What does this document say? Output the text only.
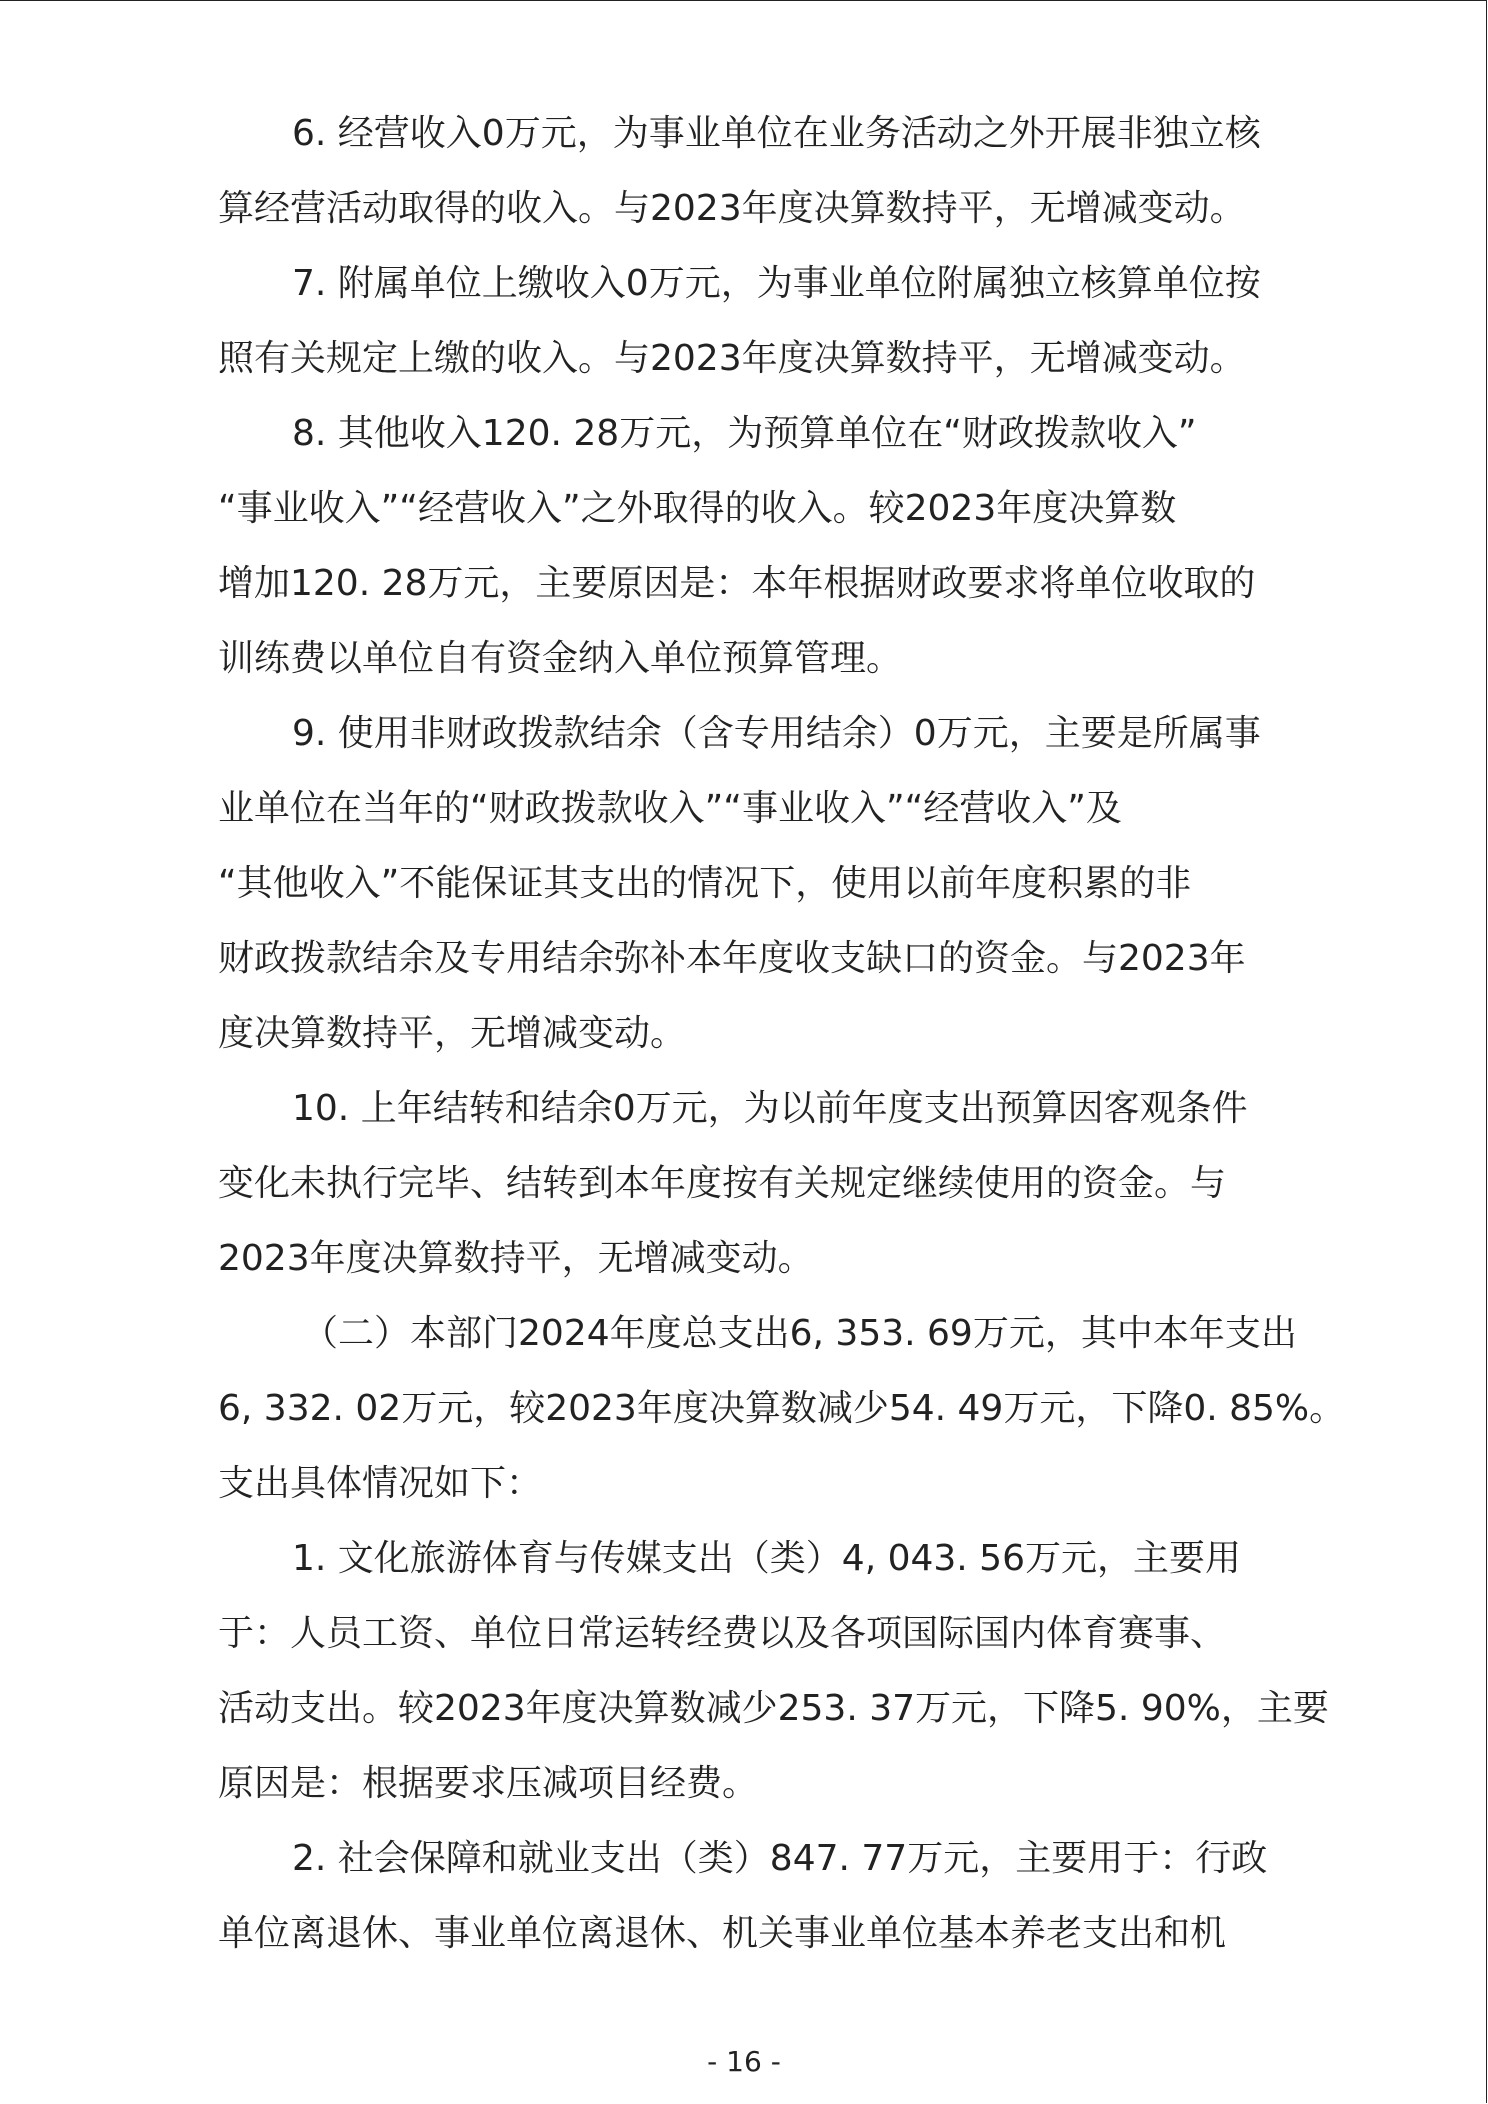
6. 经营收入0万元，为事业单位在业务活动之外开展非独立核
算经营活动取得的收入。与2023年度决算数持平，无增减变动。
7. 附属单位上缴收入0万元，为事业单位附属独立核算单位按
照有关规定上缴的收入。与2023年度决算数持平，无增减变动。
8. 其他收入120. 28万元，为预算单位在“财政拨款收入”
“事业收入”“经营收入”之外取得的收入。较2023年度决算数
增加120. 28万元，主要原因是：本年根据财政要求将单位收取的
训练费以单位自有资金纳入单位预算管理。
9. 使用非财政拨款结余（含专用结余）0万元，主要是所属事
业单位在当年的“财政拨款收入”“事业收入”“经营收入”及
“其他收入”不能保证其支出的情况下，使用以前年度积累的非
财政拨款结余及专用结余弥补本年度收支缺口的资金。与2023年
度决算数持平，无增减变动。
10. 上年结转和结余0万元，为以前年度支出预算因客观条件
变化未执行完毕、结转到本年度按有关规定继续使用的资金。与
2023年度决算数持平，无增减变动。
（二）本部门2024年度总支出6, 353. 69万元，其中本年支出
6, 332. 02万元，较2023年度决算数减少54. 49万元，下降0. 85%。
支出具体情况如下：
1. 文化旅游体育与传媒支出（类）4, 043. 56万元，主要用
于：人员工资、单位日常运转经费以及各项国际国内体育赛事、
活动支出。较2023年度决算数减少253. 37万元，下降5. 90%，主要
原因是：根据要求压减项目经费。
2. 社会保障和就业支出（类）847. 77万元，主要用于：行政
单位离退休、事业单位离退休、机关事业单位基本养老支出和机
- 16 -
